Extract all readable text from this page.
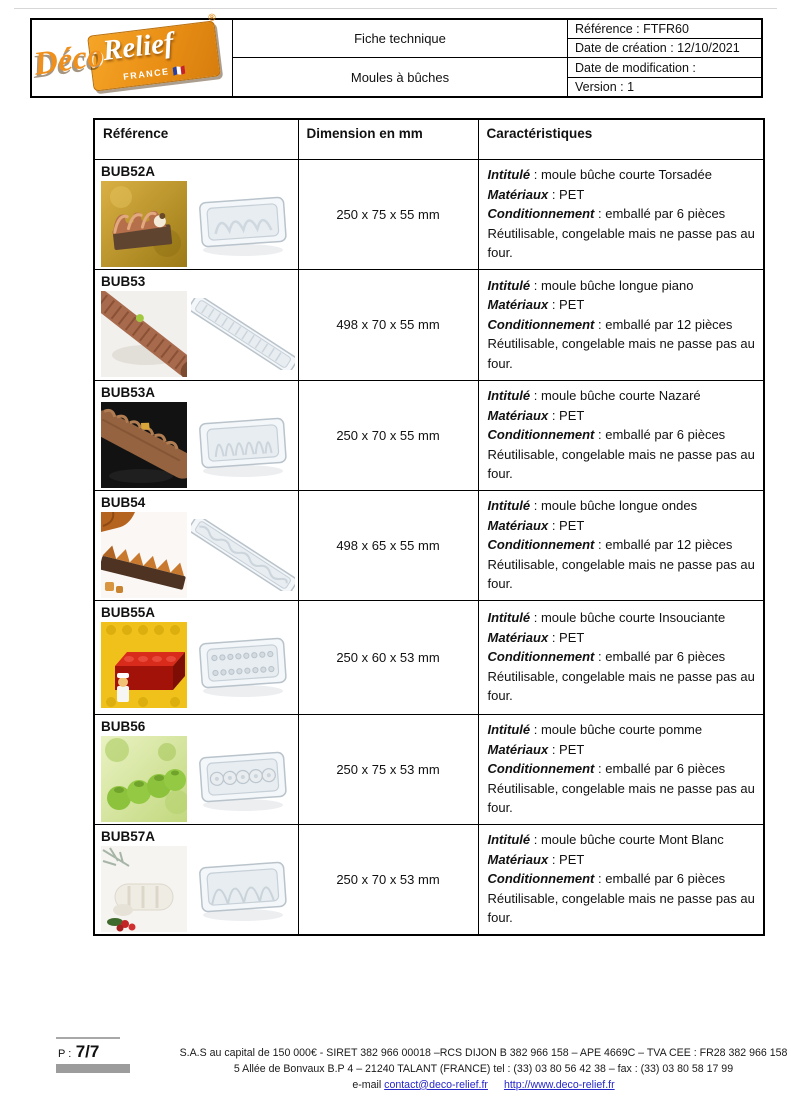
®
Relief
FRANCE
Déco	Fiche technique
Moules à bûches
Référence : FTFR60
Date de création : 12/10/2021
Date de modification :
Version : 1
Référence	Dimension en mm	Caractéristiques

BUB52A	250 x 75 x 55 mm	Intitulé : moule bûche courte Torsadée
Matériaux : PET
Conditionnement : emballé par 6 pièces
Réutilisable, congelable mais ne passe pas au four.

BUB53	498 x 70 x 55 mm	Intitulé : moule bûche longue piano
Matériaux : PET
Conditionnement : emballé par 12 pièces
Réutilisable, congelable mais ne passe pas au four.

BUB53A	250 x 70 x 55 mm	Intitulé : moule bûche courte Nazaré
Matériaux : PET
Conditionnement : emballé par 6 pièces
Réutilisable, congelable mais ne passe pas au four.

BUB54	498 x 65 x 55 mm	Intitulé : moule bûche longue ondes
Matériaux : PET
Conditionnement : emballé par 12 pièces
Réutilisable, congelable mais ne passe pas au four.

BUB55A	250 x 60 x 53 mm	Intitulé : moule bûche courte Insouciante
Matériaux : PET
Conditionnement : emballé par 6 pièces
Réutilisable, congelable mais ne passe pas au four.

BUB56	250 x 75 x 53 mm	Intitulé : moule bûche courte pomme
Matériaux : PET
Conditionnement : emballé par 6 pièces
Réutilisable, congelable mais ne passe pas au four.

BUB57A	250 x 70 x 53 mm	Intitulé : moule bûche courte Mont Blanc
Matériaux : PET
Conditionnement : emballé par 6 pièces
Réutilisable, congelable mais ne passe pas au four.
P : 7/7	S.A.S au capital de 150 000€ - SIRET 382 966 00018 –RCS DIJON B 382 966 158 – APE 4669C – TVA CEE : FR28 382 966 158
5 Allée de Bonvaux B.P 4 – 21240 TALANT (FRANCE) tel : (33) 03 80 56 42 38 – fax : (33) 03 80 58 17 99
e-mail contact@deco-relief.fr http://www.deco-relief.fr
